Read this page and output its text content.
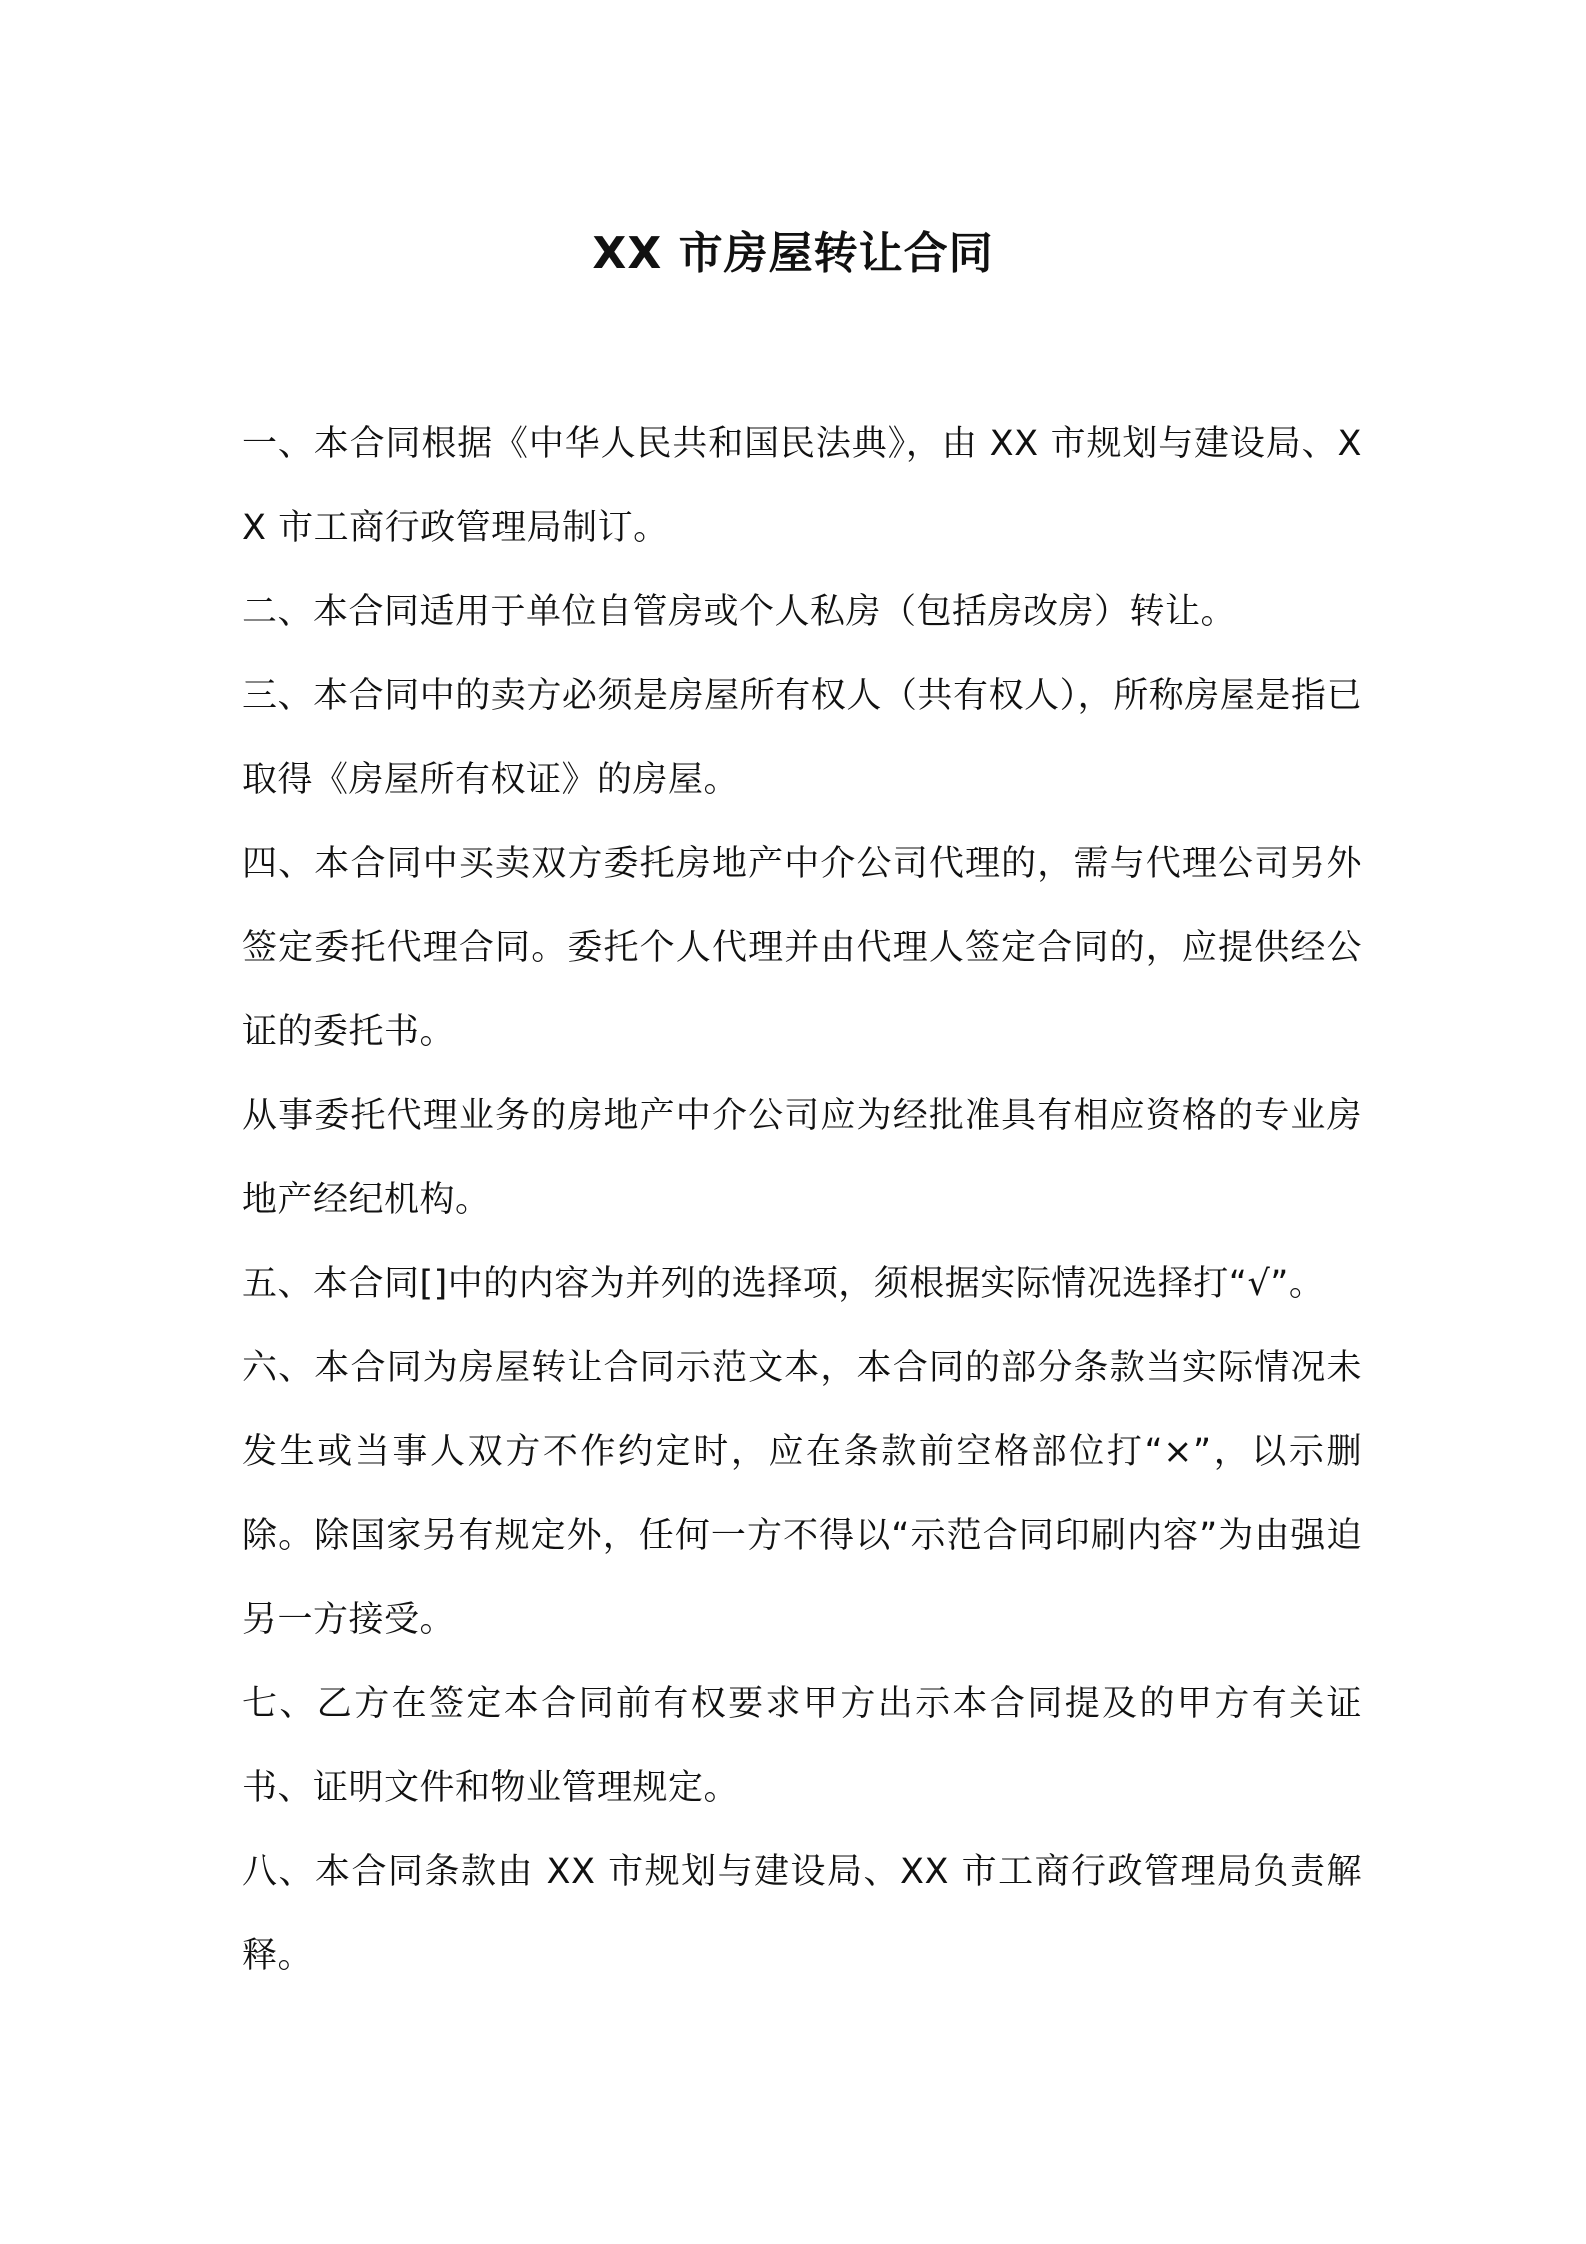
XX 市房屋转让合同

一、本合同根据《中华人民共和国民法典》，由 XX 市规划与建设局、XX 市工商行政管理局制订。

二、本合同适用于单位自管房或个人私房（包括房改房）转让。

三、本合同中的卖方必须是房屋所有权人（共有权人），所称房屋是指已取得《房屋所有权证》的房屋。

四、本合同中买卖双方委托房地产中介公司代理的，需与代理公司另外签定委托代理合同。委托个人代理并由代理人签定合同的，应提供经公证的委托书。

从事委托代理业务的房地产中介公司应为经批准具有相应资格的专业房地产经纪机构。

五、本合同[]中的内容为并列的选择项，须根据实际情况选择打“√”。

六、本合同为房屋转让合同示范文本，本合同的部分条款当实际情况未发生或当事人双方不作约定时，应在条款前空格部位打“×”，以示删除。除国家另有规定外，任何一方不得以“示范合同印刷内容”为由强迫另一方接受。

七、乙方在签定本合同前有权要求甲方出示本合同提及的甲方有关证书、证明文件和物业管理规定。

八、本合同条款由 XX 市规划与建设局、XX 市工商行政管理局负责解释。
